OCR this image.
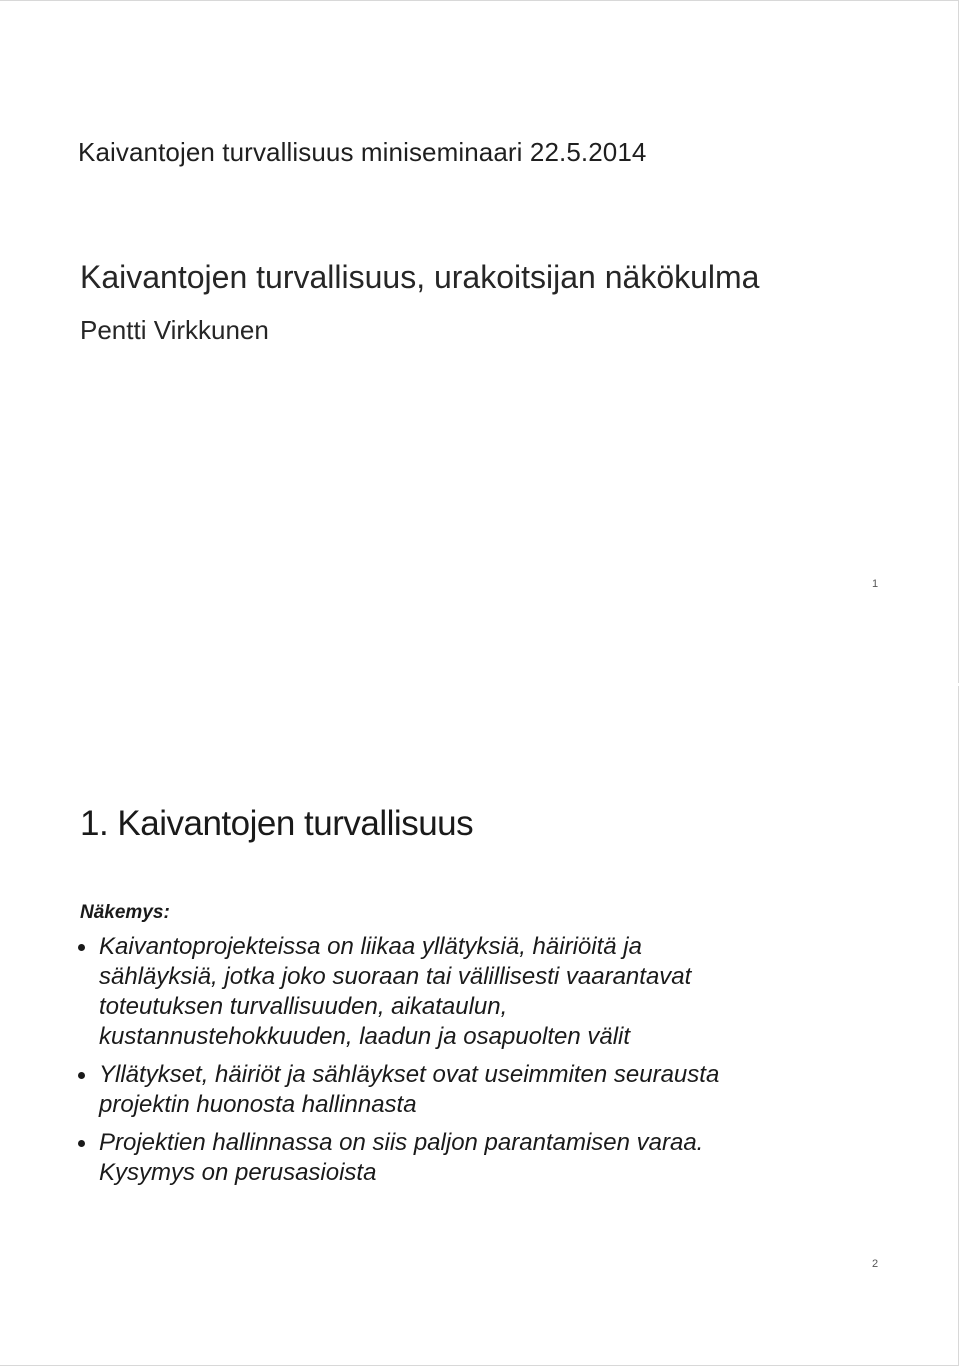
Kaivantojen turvallisuus miniseminaari 22.5.2014
Kaivantojen turvallisuus, urakoitsijan näkökulma
Pentti Virkkunen
1
1. Kaivantojen turvallisuus
Näkemys:
Kaivantoprojekteissa on liikaa yllätyksiä, häiriöitä ja
sähläyksiä, jotka joko suoraan tai välillisesti vaarantavat
toteutuksen turvallisuuden, aikataulun,
kustannustehokkuuden, laadun ja osapuolten välit
Yllätykset, häiriöt ja sähläykset ovat useimmiten seurausta
projektin huonosta hallinnasta
Projektien hallinnassa on siis paljon parantamisen varaa.
Kysymys on perusasioista
2
